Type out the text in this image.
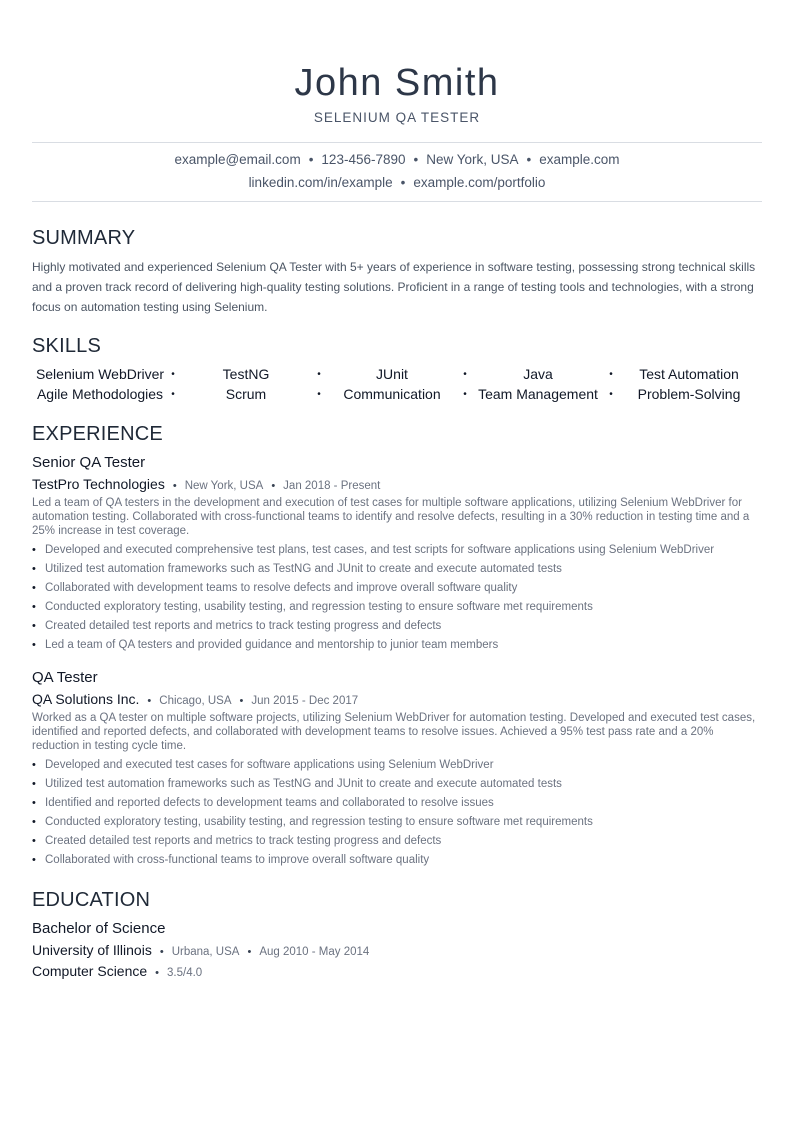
John Smith
SELENIUM QA TESTER
example@email.com • 123-456-7890 • New York, USA • example.com
linkedin.com/in/example • example.com/portfolio
SUMMARY
Highly motivated and experienced Selenium QA Tester with 5+ years of experience in software testing, possessing strong technical skills and a proven track record of delivering high-quality testing solutions. Proficient in a range of testing tools and technologies, with a strong focus on automation testing using Selenium.
SKILLS
Selenium WebDriver •	TestNG	•	JUnit	•	Java	•	Test Automation
Agile Methodologies •	Scrum	•	Communication	• Team Management	•	Problem-Solving
EXPERIENCE
Senior QA Tester
TestPro Technologies • New York, USA • Jan 2018 - Present
Led a team of QA testers in the development and execution of test cases for multiple software applications, utilizing Selenium WebDriver for automation testing. Collaborated with cross-functional teams to identify and resolve defects, resulting in a 30% reduction in testing time and a 25% increase in test coverage.
• Developed and executed comprehensive test plans, test cases, and test scripts for software applications using Selenium WebDriver
• Utilized test automation frameworks such as TestNG and JUnit to create and execute automated tests
• Collaborated with development teams to resolve defects and improve overall software quality
• Conducted exploratory testing, usability testing, and regression testing to ensure software met requirements
• Created detailed test reports and metrics to track testing progress and defects
• Led a team of QA testers and provided guidance and mentorship to junior team members
QA Tester
QA Solutions Inc. • Chicago, USA • Jun 2015 - Dec 2017
Worked as a QA tester on multiple software projects, utilizing Selenium WebDriver for automation testing. Developed and executed test cases, identified and reported defects, and collaborated with development teams to resolve issues. Achieved a 95% test pass rate and a 20% reduction in testing cycle time.
• Developed and executed test cases for software applications using Selenium WebDriver
• Utilized test automation frameworks such as TestNG and JUnit to create and execute automated tests
• Identified and reported defects to development teams and collaborated to resolve issues
• Conducted exploratory testing, usability testing, and regression testing to ensure software met requirements
• Created detailed test reports and metrics to track testing progress and defects
• Collaborated with cross-functional teams to improve overall software quality
EDUCATION
Bachelor of Science
University of Illinois • Urbana, USA • Aug 2010 - May 2014
Computer Science • 3.5/4.0
